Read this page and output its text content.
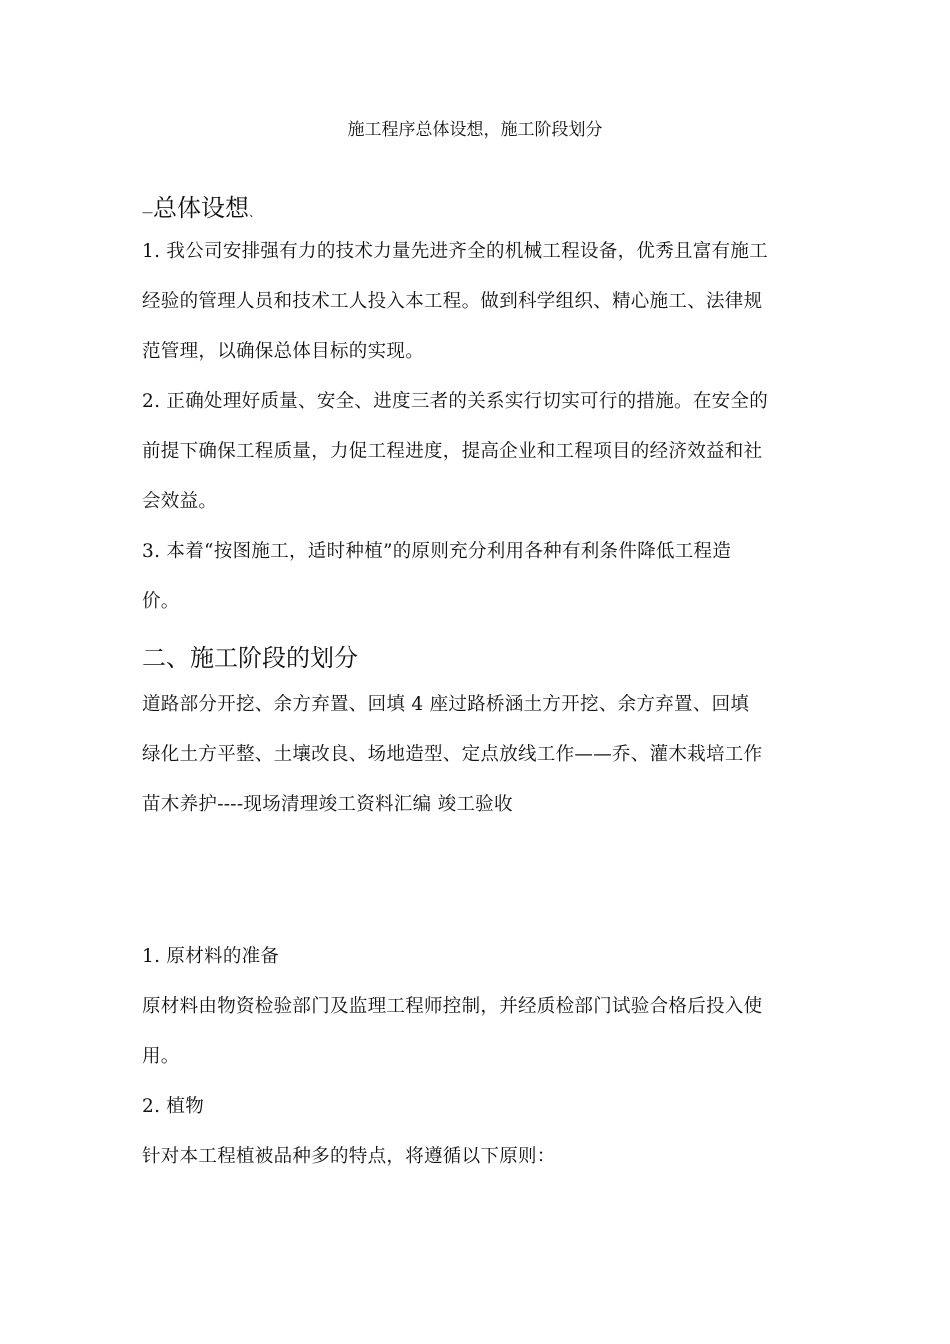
施工程序总体设想，施工阶段划分
—总体设想、
1. 我公司安排强有力的技术力量先进齐全的机械工程设备，优秀且富有施工
经验的管理人员和技术工人投入本工程。做到科学组织、精心施工、法律规
范管理，以确保总体目标的实现。
2. 正确处理好质量、安全、进度三者的关系实行切实可行的措施。在安全的
前提下确保工程质量，力促工程进度，提高企业和工程项目的经济效益和社
会效益。
3. 本着“按图施工，适时种植”的原则充分利用各种有利条件降低工程造
价。
二、施工阶段的划分
道路部分开挖、余方弃置、回填 4 座过路桥涵土方开挖、余方弃置、回填
绿化土方平整、土壤改良、场地造型、定点放线工作——乔、灌木栽培工作
苗木养护----现场清理竣工资料汇编 竣工验收
1. 原材料的准备
原材料由物资检验部门及监理工程师控制，并经质检部门试验合格后投入使
用。
2. 植物
针对本工程植被品种多的特点，将遵循以下原则：
